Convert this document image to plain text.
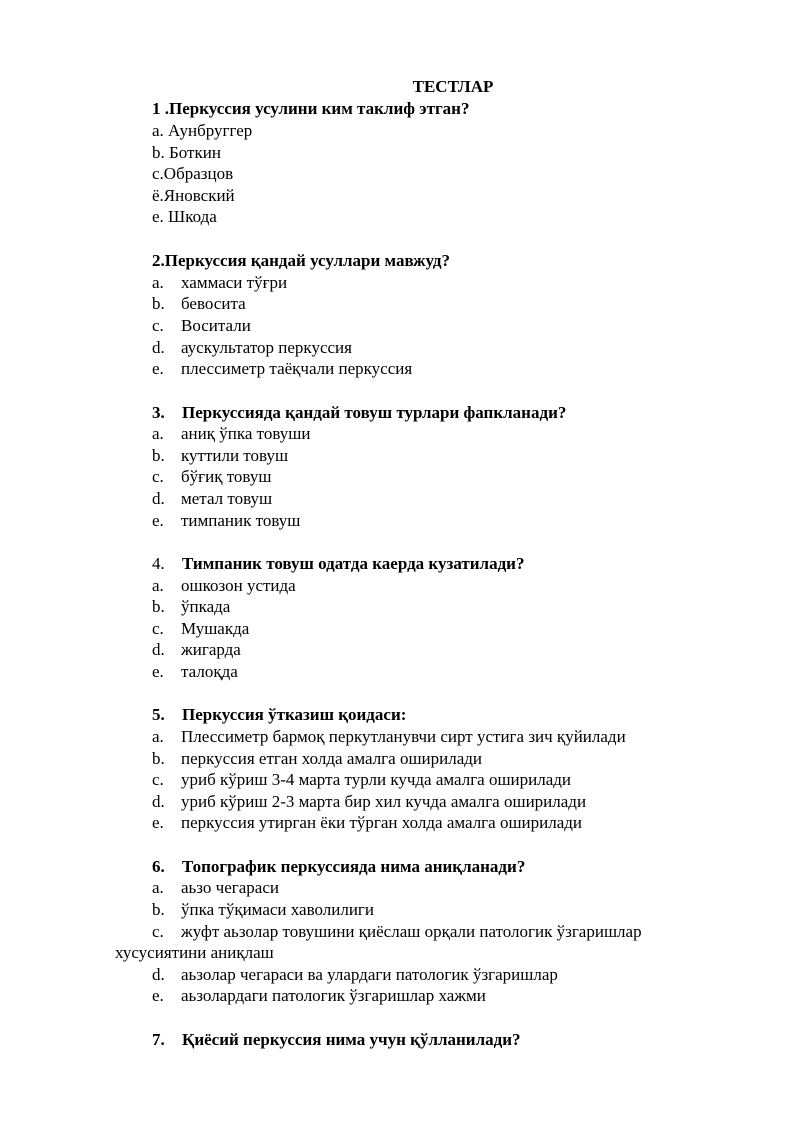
ТЕСТЛАР
1 .Перкуссия усулини ким таклиф этган?
a. Аунбруггер
b. Боткин
c.Образцов
ё.Яновский
e. Шкода
2.Перкуссия қандай усуллари мавжуд?
a. хаммаси тўғри
b. бевосита
c. Воситали
d. аускультатор перкуссия
e. плессиметр таёқчали перкуссия
3. Перкуссияда қандай товуш турлари фапкланади?
a. аниқ ўпка товуши
b. куттили товуш
c. бўғиқ товуш
d. метал товуш
e. тимпаник товуш
4. Тимпаник товуш одатда каерда кузатилади?
a. ошкозон устида
b. ўпкада
c. Мушакда
d. жигарда
e. талоқда
5. Перкуссия ўтказиш қоидаси:
a. Плессиметр бармоқ перкутланувчи сирт устига зич қуйилади
b. перкуссия етган холда амалга оширилади
c. уриб кўриш 3-4 марта турли кучда амалга оширилади
d. уриб кўриш 2-3 марта бир хил кучда амалга оширилади
e. перкуссия утирган ёки тўрган холда амалга оширилади
6. Топографик перкуссияда нима аниқланади?
a. аьзо чегараси
b. ўпка тўқимаси хаволилиги
c. жуфт аьзолар товушини қиёслаш орқали патологик ўзгаришлар
хусусиятини аниқлаш
d. аьзолар чегараси ва улардаги патологик ўзгаришлар
e. аьзолардаги патологик ўзгаришлар хажми
7. Қиёсий перкуссия нима учун қўлланилади?
